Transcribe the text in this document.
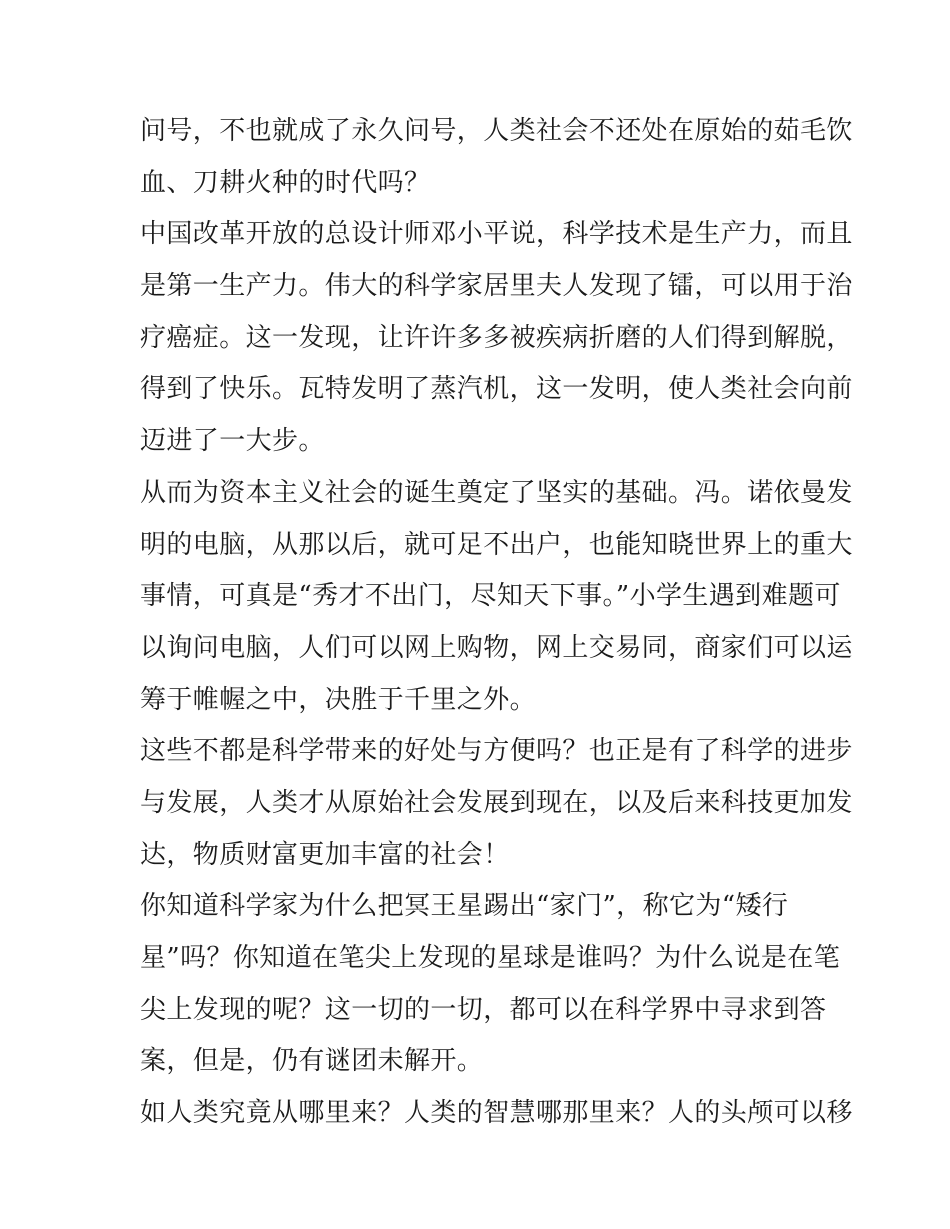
问号，不也就成了永久问号，人类社会不还处在原始的茹毛饮

血、刀耕火种的时代吗？

中国改革开放的总设计师邓小平说，科学技术是生产力，而且

是第一生产力。伟大的科学家居里夫人发现了镭，可以用于治

疗癌症。这一发现，让许许多多被疾病折磨的人们得到解脱，

得到了快乐。瓦特发明了蒸汽机，这一发明，使人类社会向前

迈进了一大步。

从而为资本主义社会的诞生奠定了坚实的基础。冯。诺依曼发

明的电脑，从那以后，就可足不出户，也能知晓世界上的重大

事情，可真是“秀才不出门，尽知天下事。”小学生遇到难题可

以询问电脑，人们可以网上购物，网上交易同，商家们可以运

筹于帷幄之中，决胜于千里之外。

这些不都是科学带来的好处与方便吗？也正是有了科学的进步

与发展，人类才从原始社会发展到现在，以及后来科技更加发

达，物质财富更加丰富的社会！

你知道科学家为什么把冥王星踢出“家门”，称它为“矮行

星”吗？你知道在笔尖上发现的星球是谁吗？为什么说是在笔

尖上发现的呢？这一切的一切，都可以在科学界中寻求到答

案，但是，仍有谜团未解开。

如人类究竟从哪里来？人类的智慧哪那里来？人的头颅可以移
